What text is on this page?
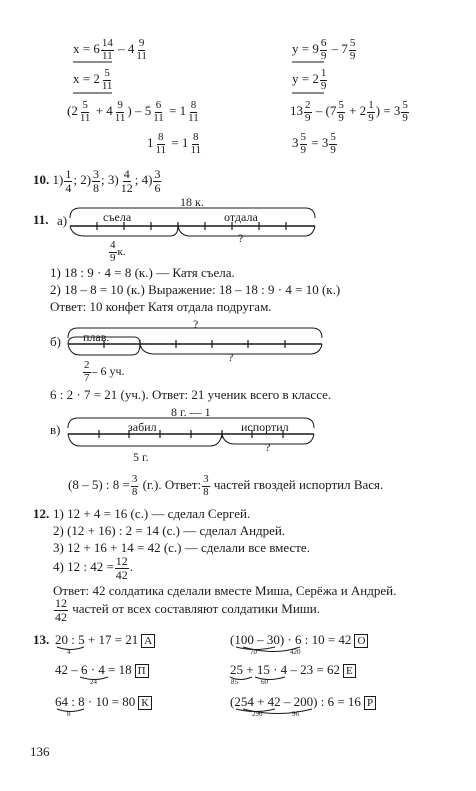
$x = 6 \frac{14}{11} - 4 \frac{9}{11}$
$x = 2 \frac{5}{11}$
($2 \frac{5}{11} + 4 \frac{9}{11}$ ) – $5 \frac{6}{11} = 1 \frac{8}{11}$
$1 \frac{8}{11} = 1 \frac{8}{11}$
$y = 9 \frac{6}{9} - 7 \frac{5}{9}$
$y = 2 \frac{1}{9}$
$13 \frac{2}{9} - (7 \frac{5}{9} + 2 \frac{1}{9}$ ) = $3 \frac{5}{9}$
$3 \frac{5}{9} = 3 \frac{5}{9}$
10. $1) \frac{1}{4}$ ; $2) \frac{3}{8}$ ; $3) \frac{4}{12}$ ; $4) \frac{3}{6}$
11. а)
18 к.
съела	отдала
?
$\frac{4}{9} к$.
1) 18 : 9 · 4 = 8 (к.) — Катя съела.
2) 18 – 8 = 10 (к.) Выражение: 18 – 18 : 9 · 4 = 10 (к.)
Ответ: 10 конфет Катя отдала подругам.
б)
?
плав.
?
$\frac{2}{7} - 6$ уч.
6 : 2 · 7 = 21 (уч.). Ответ: 21 ученик всего в классе.
в)
8 г. — 1
забил	испортил
?
5 г.
(8 – 5) : $8 = \frac{3}{8} (г.)$. Ответ: $\frac{3}{8}$ частей гвоздей испортил Вася.
12. 1) 12 + 4 = 16 (с.) — сделал Сергей.
2) (12 + 16) : 2 = 14 (с.) — сделал Андрей.
3) 12 + 16 + 14 = 42 (с.) — сделали все вместе.
4) 12 : $42 = \frac{12}{42}$ .
Ответ: 42 солдатика сделали вместе Миша, Серёжа и Андрей.
$\frac{12}{42}$ частей от всех составляют солдатики Миши.
13. 20 : 5 + 17 = 21 А
4
42 – 6 · 4 = 18 П
24
64 : 8 · 10 = 80 К
8
(100 – 30) · 6 : 10 = 42 О
70	420
25 + 15 · 4 – 23 = 62 Е
85	60
(254 + 42 – 200) : 6 = 16 Р
296	96
136
